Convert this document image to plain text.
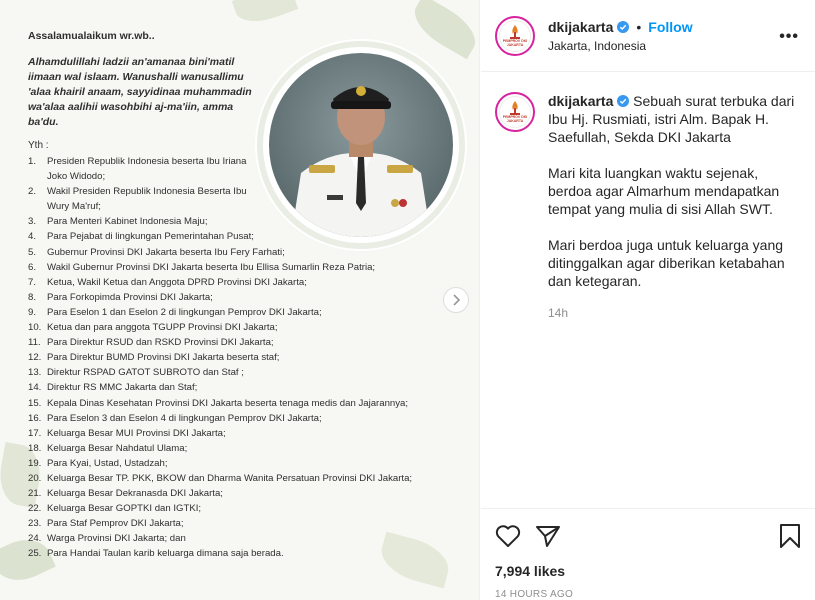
Assalamualaikum wr.wb..
Alhamdulillahi ladzii an'amanaa bini'matil iimaan wal islaam. Wanushalli wanusallimu 'alaa khairil anaam, sayyidinaa muhammadin wa'alaa aalihii wasohbihi aj-ma'iin, amma ba'du.
Yth :
1.	Presiden Republik Indonesia beserta Ibu Iriana Joko Widodo;
2.	Wakil Presiden Republik Indonesia Beserta Ibu Wury Ma'ruf;
3.	Para Menteri Kabinet Indonesia Maju;
4.	Para Pejabat di lingkungan Pemerintahan Pusat;
5.	Gubernur Provinsi DKI Jakarta beserta Ibu Fery Farhati;
6.	Wakil Gubernur Provinsi DKI Jakarta beserta Ibu Ellisa Sumarlin Reza Patria;
7.	Ketua, Wakil Ketua dan Anggota DPRD Provinsi DKI Jakarta;
8.	Para Forkopimda Provinsi DKI Jakarta;
9.	Para Eselon 1 dan Eselon 2 di lingkungan Pemprov DKI Jakarta;
10. Ketua dan para anggota TGUPP Provinsi DKI Jakarta;
11. Para Direktur RSUD dan RSKD Provinsi DKI Jakarta;
12. Para Direktur BUMD Provinsi DKI Jakarta beserta staf;
13. Direktur RSPAD GATOT SUBROTO dan Staf ;
14. Direktur RS MMC Jakarta dan Staf;
15. Kepala Dinas Kesehatan Provinsi DKI Jakarta beserta tenaga medis dan Jajarannya;
16. Para Eselon 3 dan Eselon 4 di lingkungan Pemprov DKI Jakarta;
17. Keluarga Besar MUI Provinsi DKI Jakarta;
18. Keluarga Besar Nahdatul Ulama;
19. Para Kyai, Ustad, Ustadzah;
20. Keluarga Besar TP. PKK, BKOW dan Dharma Wanita Persatuan Provinsi DKI Jakarta;
21. Keluarga Besar Dekranasda DKI Jakarta;
22. Keluarga Besar GOPTKI dan IGTKI;
23. Para Staf Pemprov DKI Jakarta;
24. Warga Provinsi DKI Jakarta; dan
25. Para Handai Taulan karib keluarga dimana saja berada.
PEMPROV DKI JAKARTA
dkijakarta • Follow
Jakarta, Indonesia
•••
PEMPROV DKI JAKARTA

dkijakarta Sebuah surat terbuka dari Ibu Hj. Rusmiati, istri Alm. Bapak H. Saefullah, Sekda DKI Jakarta

Mari kita luangkan waktu sejenak, berdoa agar Almarhum mendapatkan tempat yang mulia di sisi Allah SWT.

Mari berdoa juga untuk keluarga yang ditinggalkan agar diberikan ketabahan dan ketegaran.

14h
7,994 likes
14 HOURS AGO
